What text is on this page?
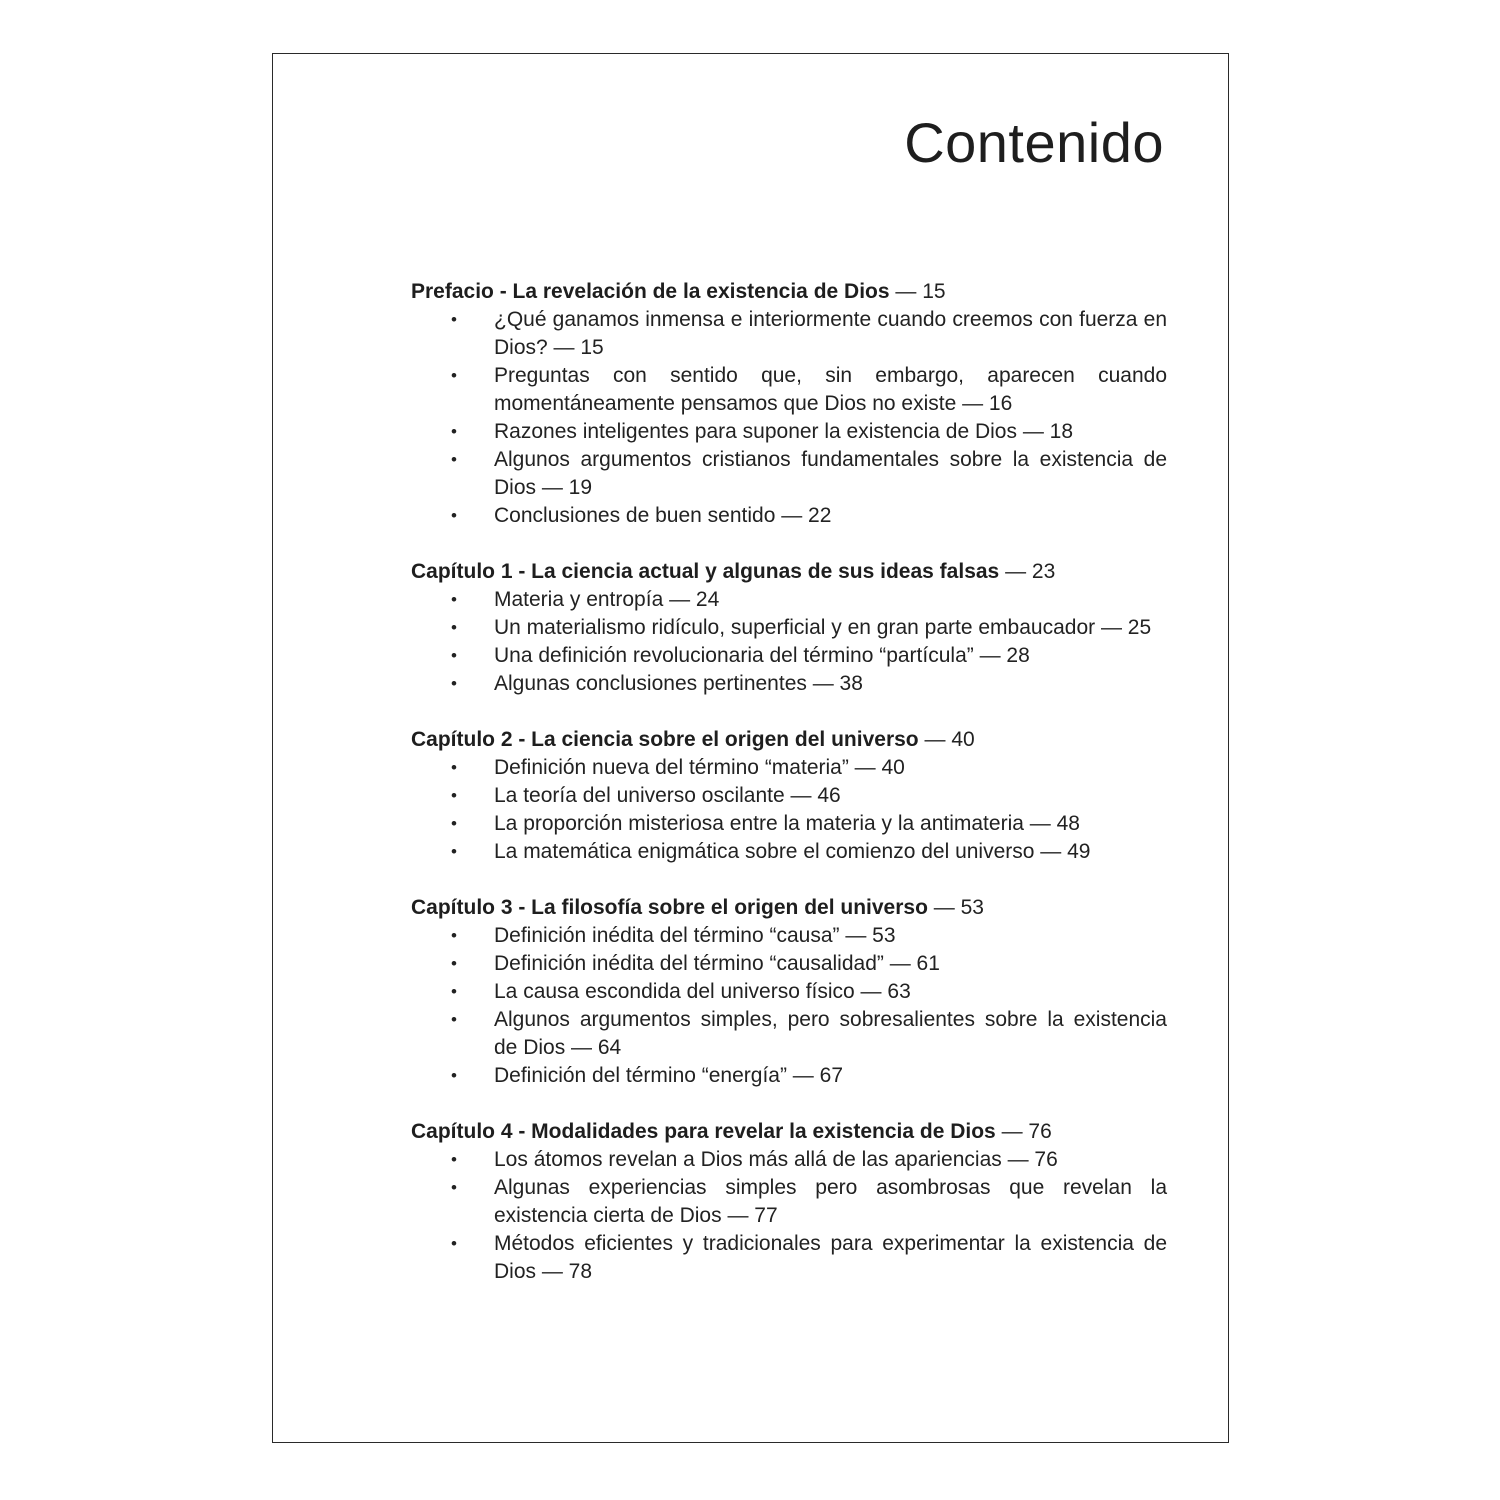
Contenido
Prefacio - La revelación de la existencia de Dios — 15
• ¿Qué ganamos inmensa e interiormente cuando creemos con fuerza en Dios? — 15
• Preguntas con sentido que, sin embargo, aparecen cuando momentáneamente pensamos que Dios no existe — 16
• Razones inteligentes para suponer la existencia de Dios — 18
• Algunos argumentos cristianos fundamentales sobre la existencia de Dios — 19
• Conclusiones de buen sentido — 22
Capítulo 1 - La ciencia actual y algunas de sus ideas falsas — 23
• Materia y entropía — 24
• Un materialismo ridículo, superficial y en gran parte embaucador — 25
• Una definición revolucionaria del término “partícula” — 28
• Algunas conclusiones pertinentes — 38
Capítulo 2 - La ciencia sobre el origen del universo — 40
• Definición nueva del término “materia” — 40
• La teoría del universo oscilante — 46
• La proporción misteriosa entre la materia y la antimateria — 48
• La matemática enigmática sobre el comienzo del universo — 49
Capítulo 3 - La filosofía sobre el origen del universo — 53
• Definición inédita del término “causa” — 53
• Definición inédita del término “causalidad” — 61
• La causa escondida del universo físico — 63
• Algunos argumentos simples, pero sobresalientes sobre la existencia de Dios — 64
• Definición del término “energía” — 67
Capítulo 4 - Modalidades para revelar la existencia de Dios — 76
• Los átomos revelan a Dios más allá de las apariencias — 76
• Algunas experiencias simples pero asombrosas que revelan la existencia cierta de Dios — 77
• Métodos eficientes y tradicionales para experimentar la existencia de Dios — 78
